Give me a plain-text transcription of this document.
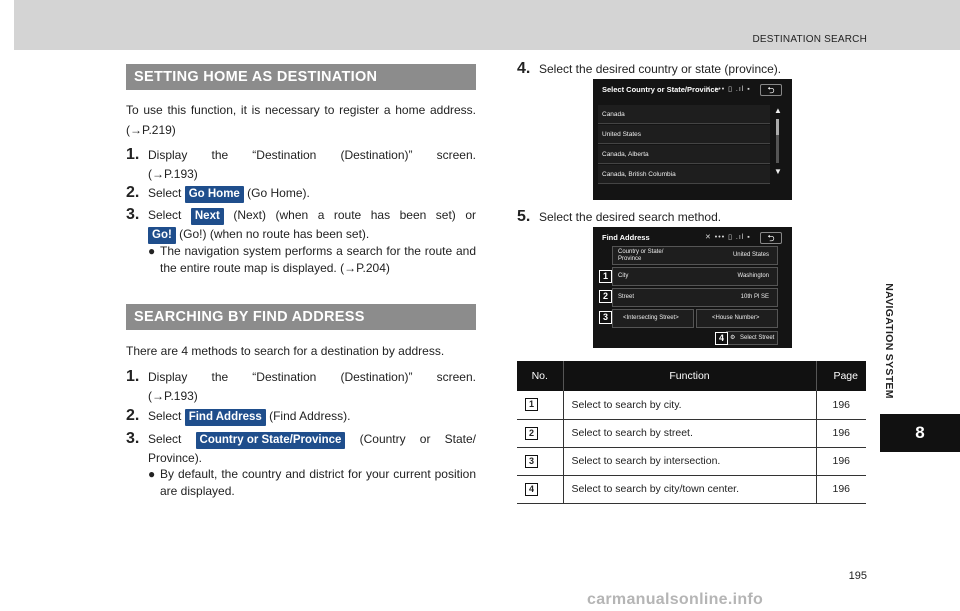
DESTINATION SEARCH
NAVIGATION SYSTEM
8
SETTING HOME AS DESTINATION
To use this function, it is necessary to register a home address. (→P.219)
1. Display the “Destination (Destination)” screen.
(→P.193)
2. Select Go Home (Go Home).
3. Select Next (Next) (when a route has been set) or
Go! (Go!) (when no route has been set).
● The navigation system performs a search for the route and the entire route map is displayed. (→P.204)
SEARCHING BY FIND ADDRESS
There are 4 methods to search for a destination by address.
1. Display the “Destination (Destination)” screen.
(→P.193)
2. Select Find Address (Find Address).
3. Select Country or State/Province (Country or State/
Province).
● By default, the country and district for your current position are displayed.
4. Select the desired country or state (province).
Select Country or State/Province
✕ ••• ▯ .ıl ▪	⮌
Canada
United States
Canada, Alberta
Canada, British Columbia
▲
▼
5. Select the desired search method.
Find Address	✕ ••• ▯ .ıl ▪	⮌
Country or State/
Province
United States
City	Washington
Street	10th Pl SE
<Intersecting Street>	<House Number>
⚙ Select Street
1
2
3
4
No.	Function	Page
1	Select to search by city.	196
2	Select to search by street.	196
3	Select to search by intersection.	196
4	Select to search by city/town center.	196
195
carmanualsonline.info
